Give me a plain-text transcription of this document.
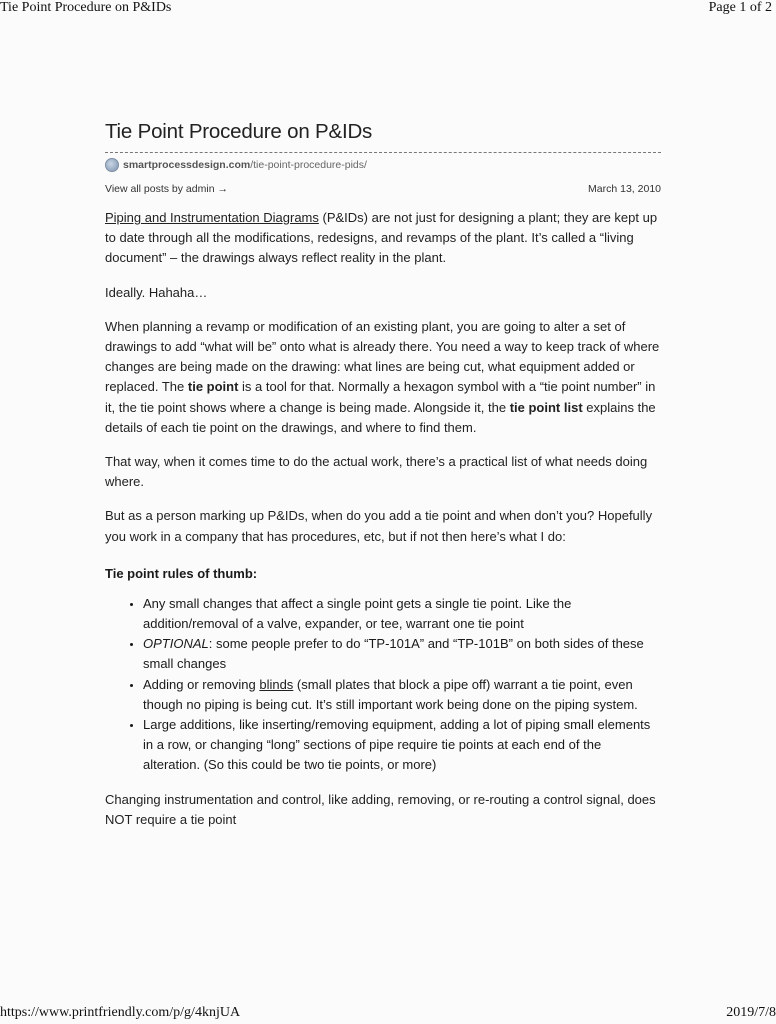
Tie Point Procedure on P&IDs	Page 1 of 2
Tie Point Procedure on P&IDs
smartprocessdesign.com /tie-point-procedure-pids/
View all posts by admin →	March 13, 2010

Piping and Instrumentation Diagrams (P&IDs) are not just for designing a plant; they are kept up to date through all the modifications, redesigns, and revamps of the plant. It’s called a “living document” – the drawings always reflect reality in the plant.

Ideally. Hahaha…

When planning a revamp or modification of an existing plant, you are going to alter a set of drawings to add “what will be” onto what is already there. You need a way to keep track of where changes are being made on the drawing: what lines are being cut, what equipment added or replaced. The tie point is a tool for that. Normally a hexagon symbol with a “tie point number” in it, the tie point shows where a change is being made. Alongside it, the tie point list explains the details of each tie point on the drawings, and where to find them.

That way, when it comes time to do the actual work, there’s a practical list of what needs doing where.

But as a person marking up P&IDs, when do you add a tie point and when don’t you? Hopefully you work in a company that has procedures, etc, but if not then here’s what I do:

Tie point rules of thumb:
• Any small changes that affect a single point gets a single tie point. Like the addition/removal of a valve, expander, or tee, warrant one tie point
• OPTIONAL: some people prefer to do “TP-101A” and “TP-101B” on both sides of these small changes
• Adding or removing blinds (small plates that block a pipe off) warrant a tie point, even though no piping is being cut. It’s still important work being done on the piping system.
• Large additions, like inserting/removing equipment, adding a lot of piping small elements in a row, or changing “long” sections of pipe require tie points at each end of the alteration. (So this could be two tie points, or more)

Changing instrumentation and control, like adding, removing, or re-routing a control signal, does NOT require a tie point

https://www.printfriendly.com/p/g/4knjUA	2019/7/8
